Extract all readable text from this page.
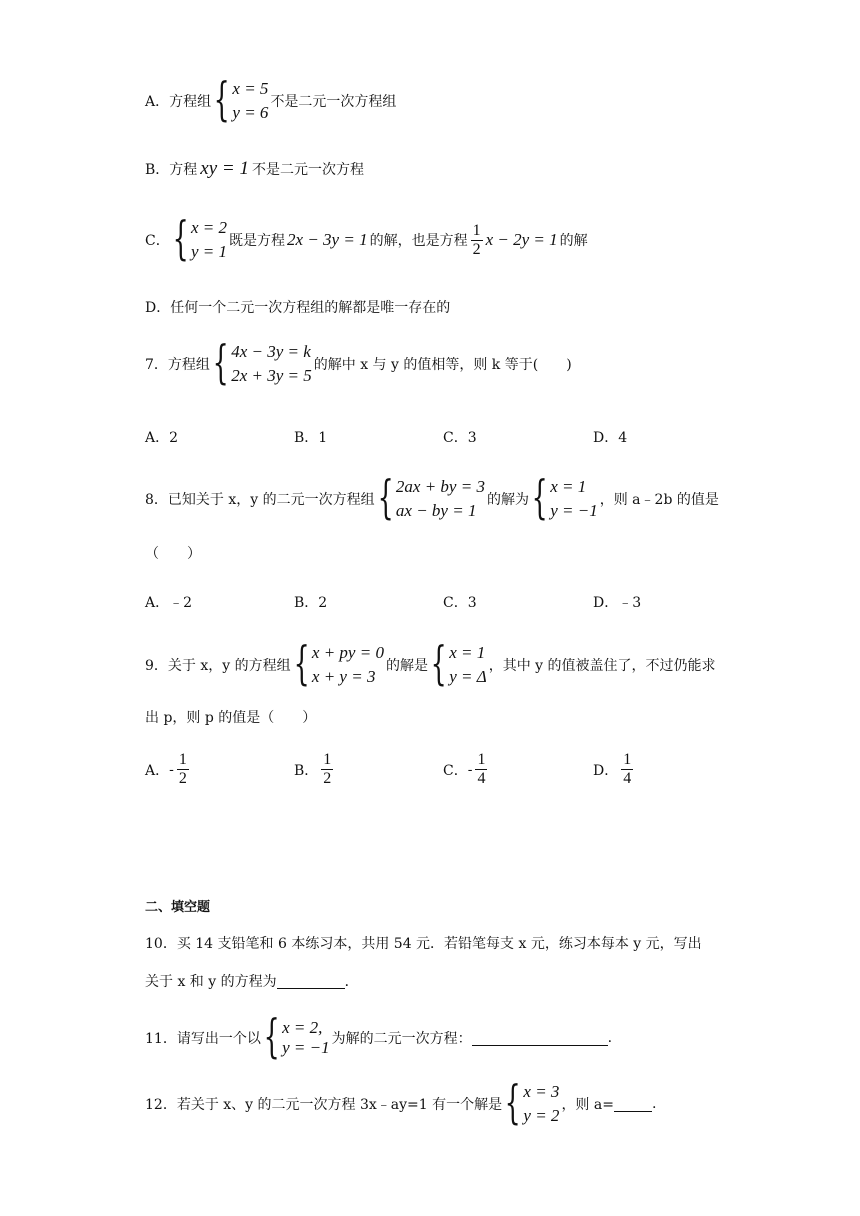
A． 方程组 { x = 5
y = 6
不是二元一次方程组
B． 方程 xy = 1 不是二元一次方程
C． { x = 2
y = 1
既是方程 2x − 3y = 1 的解，也是方程 $\frac{1}{2}$ x − 2y = 1 的解
D． 任何一个二元一次方程组的解都是唯一存在的
7．方程组 { 4x − 3y = k
2x + 3y = 5
的解中 x 与 y 的值相等，则 k 等于(　　)
A．2	B．1	C．3	D．4
8．已知关于 x，y 的二元一次方程组 { 2ax + by = 3
ax − by = 1
的解为 { x = 1
y = −1
，则 a﹣2b 的值是
（　　）
A．﹣2	B．2	C．3	D．﹣3
9．关于 x，y 的方程组 { x + py = 0
x + y = 3
的解是 { x = 1
y = Δ
，其中 y 的值被盖住了，不过仍能求
出 p，则 p 的值是（　　）
A． - $\frac{1}{2}$	B． $\frac{1}{2}$	C． - $\frac{1}{4}$	D． $\frac{1}{4}$
二、填空题
10．买 14 支铅笔和 6 本练习本，共用 54 元．若铅笔每支 x 元，练习本每本 y 元，写出
关于 x 和 y 的方程为	．
11．请写出一个以 { x = 2,
y = −1 为解的二元一次方程：	.
12．若关于 x、y 的二元一次方程 3x﹣ay=1 有一个解是 { x = 3
y = 2
，则 a=	.
